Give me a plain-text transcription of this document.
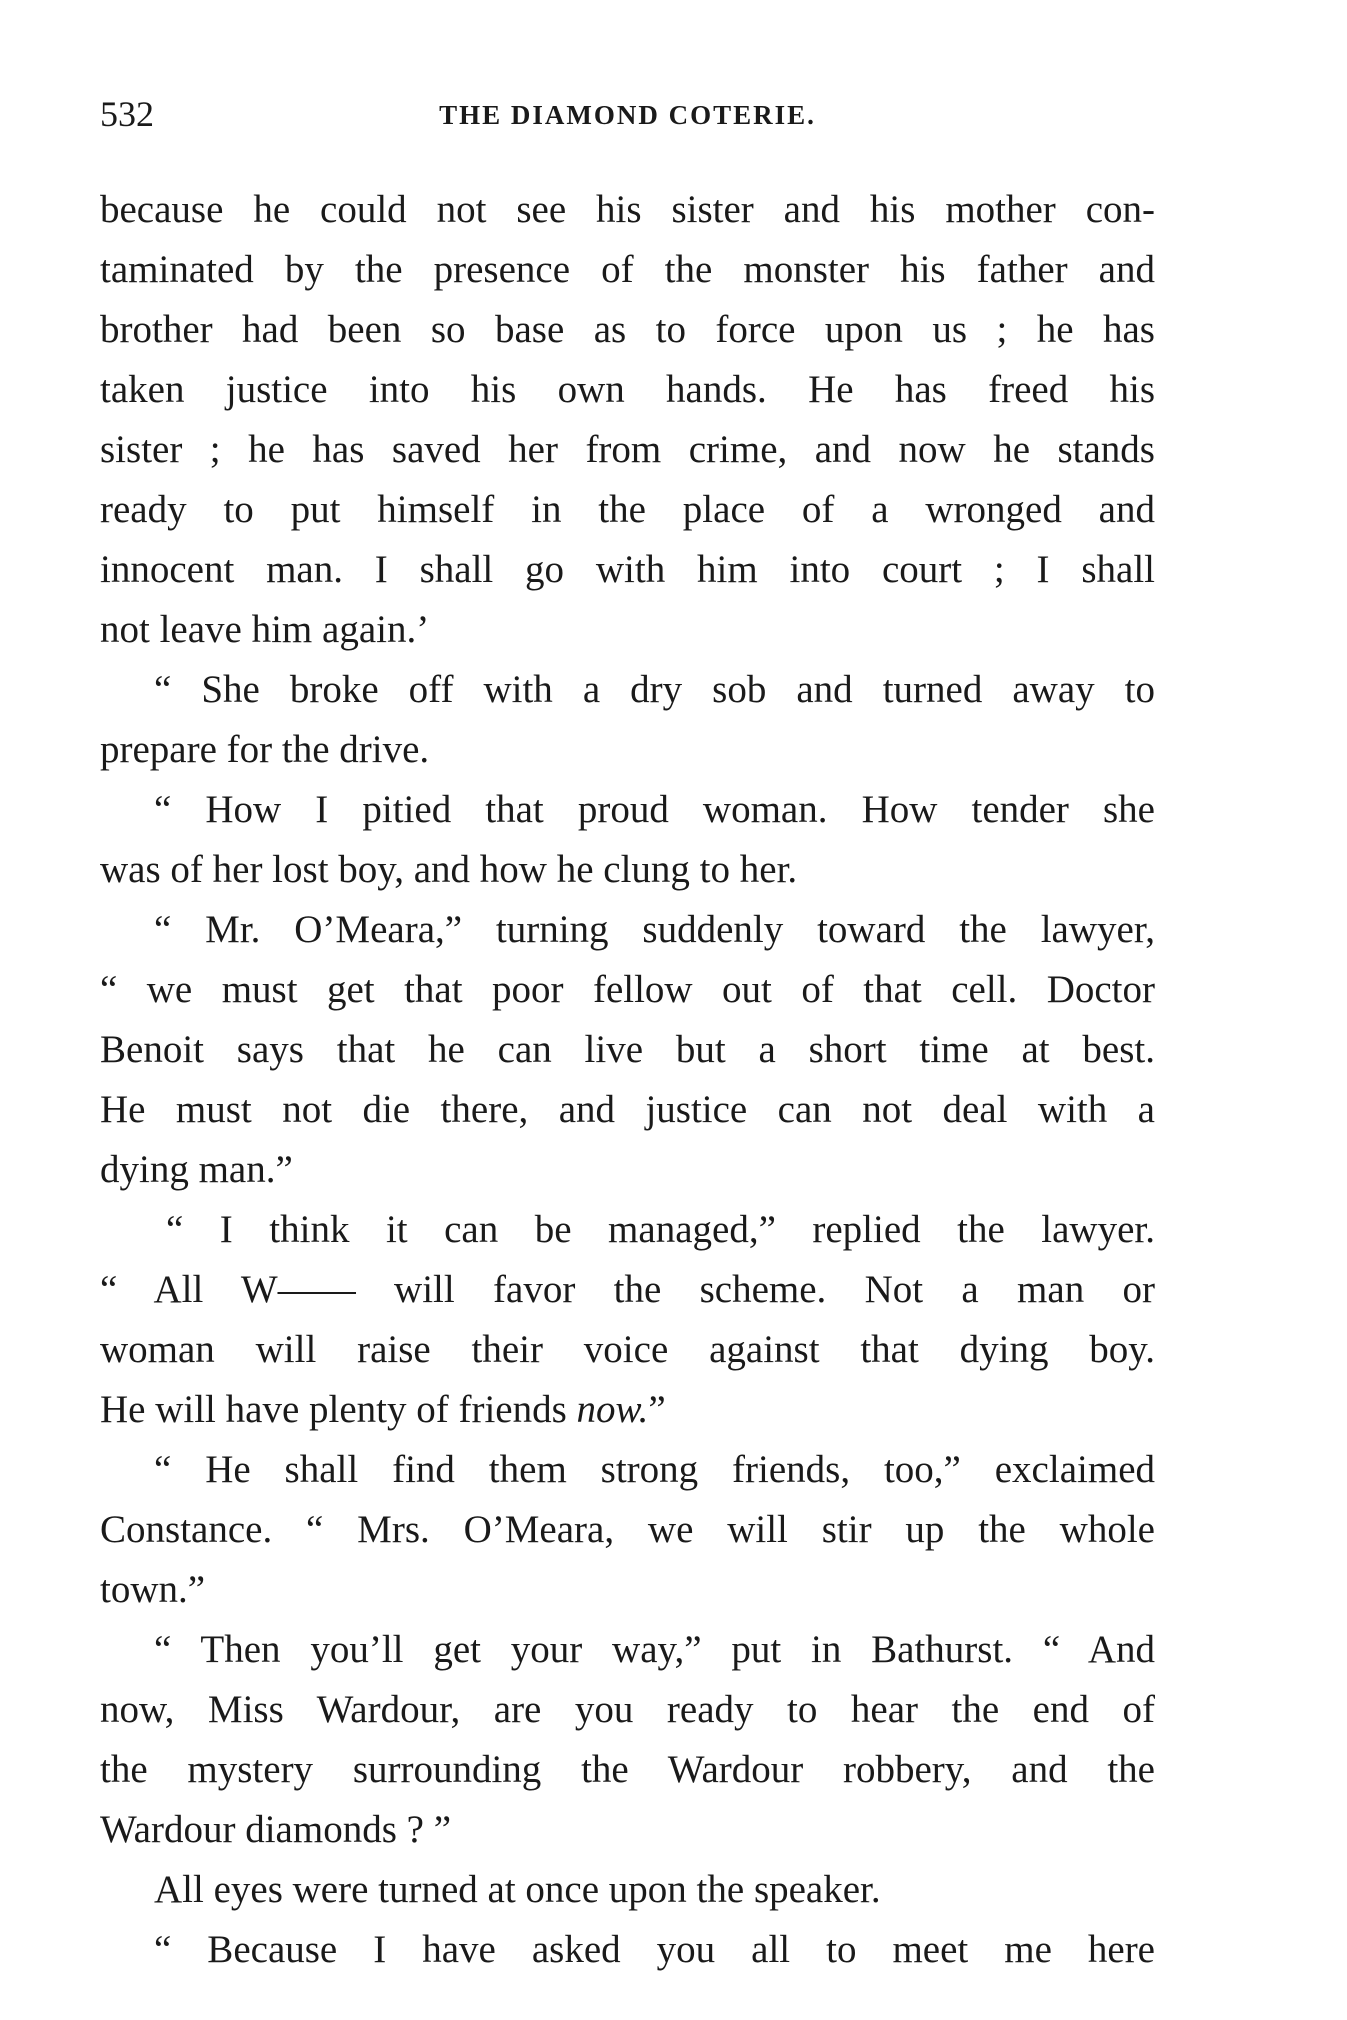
532	THE DIAMOND COTERIE.
because he could not see his sister and his mother con-
taminated by the presence of the monster his father and
brother had been so base as to force upon us ; he has
taken justice into his own hands. He has freed his
sister ; he has saved her from crime, and now he stands
ready to put himself in the place of a wronged and
innocent man. I shall go with him into court ; I shall
not leave him again.’
“ She broke off with a dry sob and turned away to
prepare for the drive.
“ How I pitied that proud woman. How tender she
was of her lost boy, and how he clung to her.
“ Mr. O’Meara,” turning suddenly toward the lawyer,
“ we must get that poor fellow out of that cell. Doctor
Benoit says that he can live but a short time at best.
He must not die there, and justice can not deal with a
dying man.”
“ I think it can be managed,” replied the lawyer.
“ All W—— will favor the scheme. Not a man or
woman will raise their voice against that dying boy.
He will have plenty of friends now.”
“ He shall find them strong friends, too,” exclaimed
Constance. “ Mrs. O’Meara, we will stir up the whole
town.”
“ Then you’ll get your way,” put in Bathurst. “ And
now, Miss Wardour, are you ready to hear the end of
the mystery surrounding the Wardour robbery, and the
Wardour diamonds ? ”
All eyes were turned at once upon the speaker.
“ Because I have asked you all to meet me here
